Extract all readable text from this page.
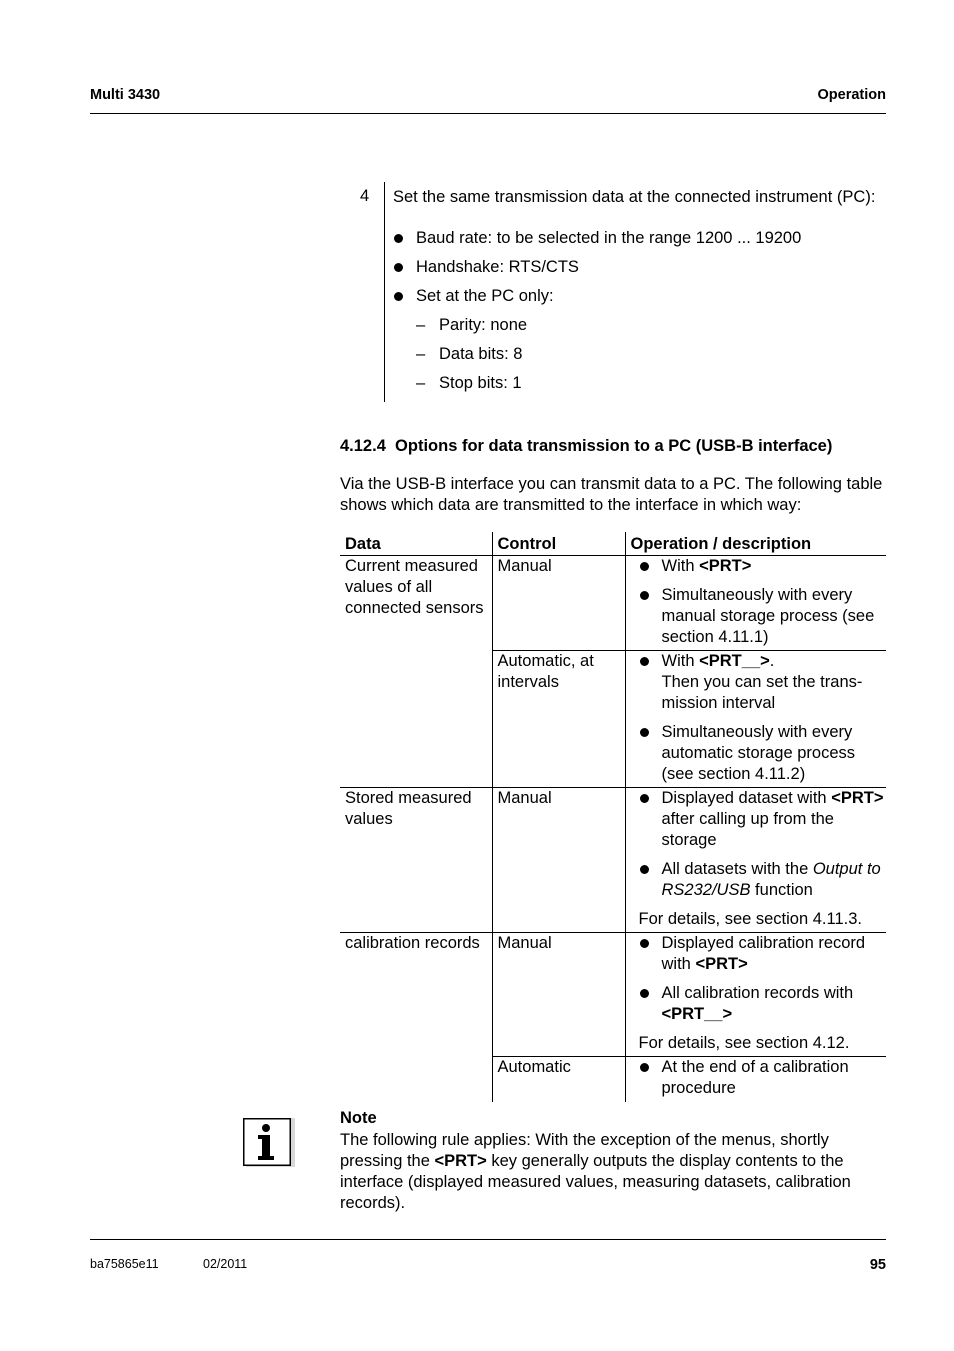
Multi 3430	Operation
4 Set the same transmission data at the connected instrument (PC):
Baud rate: to be selected in the range 1200 ... 19200
Handshake: RTS/CTS
Set at the PC only:
– Parity: none
– Data bits: 8
– Stop bits: 1
4.12.4  Options for data transmission to a PC (USB-B interface)
Via the USB-B interface you can transmit data to a PC. The following table shows which data are transmitted to the interface in which way:
Data	Control	Operation / description
Current measured values of all connected sensors	Manual	With <PRT>
Simultaneously with every manual storage process (see section 4.11.1)

	Automatic, at intervals	With <PRT__>.
Then you can set the trans-mission interval
Simultaneously with every automatic storage process (see section 4.11.2)

Stored measured values	Manual	Displayed dataset with <PRT> after calling up from the storage
All datasets with the Output to RS232/USB function
For details, see section 4.11.3.

calibration records	Manual	Displayed calibration record with <PRT>
All calibration records with <PRT__>
For details, see section 4.12.

	Automatic	At the end of a calibration procedure
Note
The following rule applies: With the exception of the menus, shortly pressing the <PRT> key generally outputs the display contents to the interface (displayed measured values, measuring datasets, calibration records).
ba75865e11	02/2011	95
